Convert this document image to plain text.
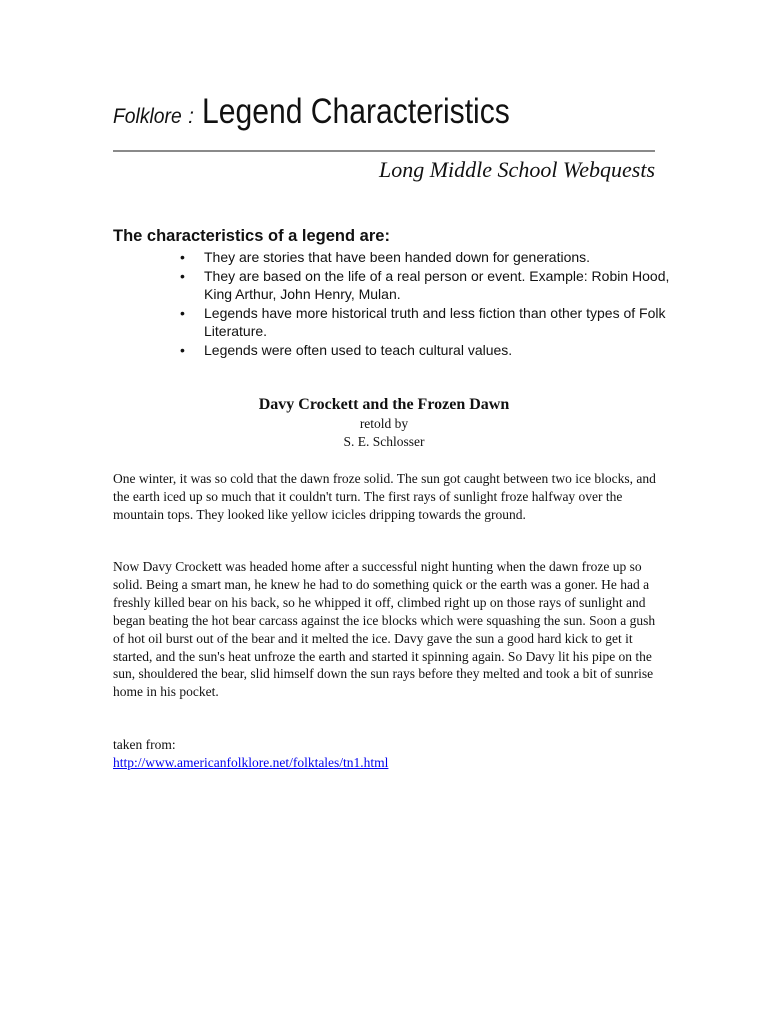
Folklore : Legend Characteristics
Long Middle School Webquests
The characteristics of a legend are:
• They are stories that have been handed down for generations.
• They are based on the life of a real person or event. Example: Robin Hood, King Arthur, John Henry, Mulan.
• Legends have more historical truth and less fiction than other types of Folk Literature.
• Legends were often used to teach cultural values.
Davy Crockett and the Frozen Dawn
retold by
S. E. Schlosser

One winter, it was so cold that the dawn froze solid. The sun got caught between two ice blocks, and the earth iced up so much that it couldn't turn. The first rays of sunlight froze halfway over the mountain tops. They looked like yellow icicles dripping towards the ground.

Now Davy Crockett was headed home after a successful night hunting when the dawn froze up so solid. Being a smart man, he knew he had to do something quick or the earth was a goner. He had a freshly killed bear on his back, so he whipped it off, climbed right up on those rays of sunlight and began beating the hot bear carcass against the ice blocks which were squashing the sun. Soon a gush of hot oil burst out of the bear and it melted the ice. Davy gave the sun a good hard kick to get it started, and the sun's heat unfroze the earth and started it spinning again. So Davy lit his pipe on the sun, shouldered the bear, slid himself down the sun rays before they melted and took a bit of sunrise home in his pocket.

taken from:
http://www.americanfolklore.net/folktales/tn1.html
